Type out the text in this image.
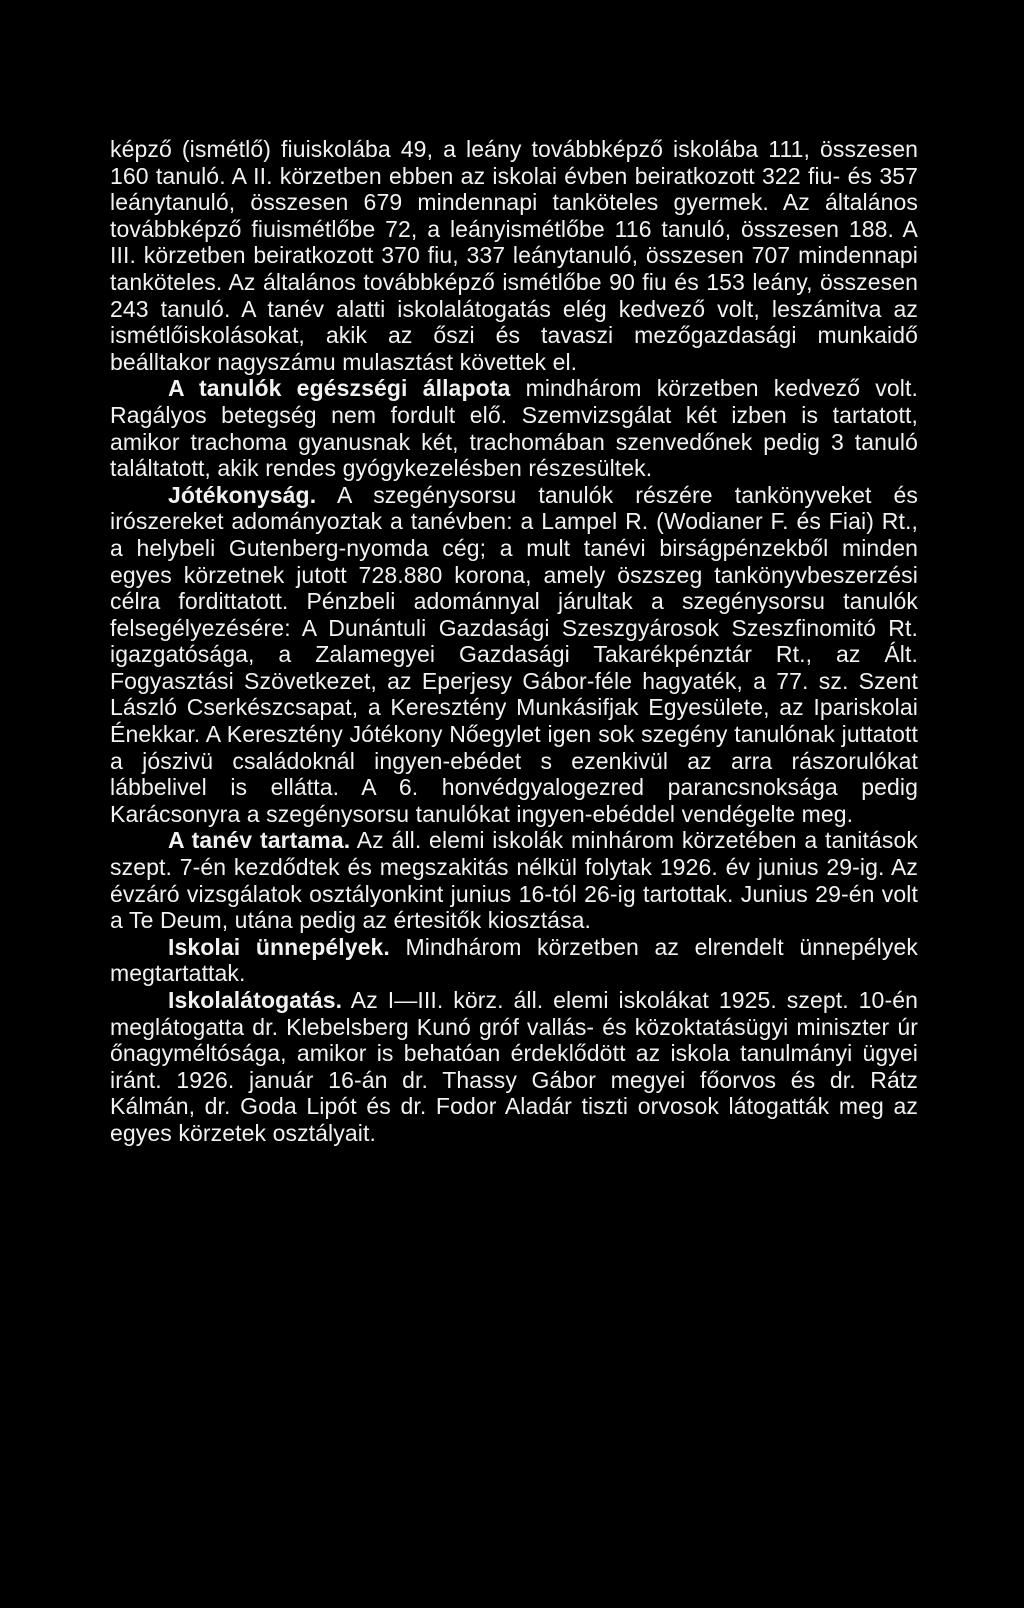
képző (ismétlő) fiuiskolába 49, a leány továbbképző iskolába 111, összesen 160 tanuló. A II. körzetben ebben az iskolai évben beiratkozott 322 fiu- és 357 leánytanuló, összesen 679 mindennapi tanköteles gyermek. Az általános továbbképző fiuismétlőbe 72, a leányismétlőbe 116 tanuló, összesen 188. A III. körzetben beiratkozott 370 fiu, 337 leánytanuló, összesen 707 mindennapi tanköteles. Az általános továbbképző ismétlőbe 90 fiu és 153 leány, összesen 243 tanuló. A tanév alatti iskolalátogatás elég kedvező volt, leszámitva az ismétlőiskolásokat, akik az őszi és tavaszi mezőgazdasági munkaidő beálltakor nagyszámu mulasztást követtek el.

A tanulók egészségi állapota mindhárom körzetben kedvező volt. Ragályos betegség nem fordult elő. Szemvizsgálat két izben is tartatott, amikor trachoma gyanusnak két, trachomában szenvedőnek pedig 3 tanuló találtatott, akik rendes gyógykezelésben részesültek.

Jótékonyság. A szegénysorsu tanulók részére tankönyveket és irószereket adományoztak a tanévben: a Lampel R. (Wodianer F. és Fiai) Rt., a helybeli Gutenberg-nyomda cég; a mult tanévi birságpénzekből minden egyes körzetnek jutott 728.880 korona, amely öszszeg tankönyvbeszerzési célra fordittatott. Pénzbeli adománnyal járultak a szegénysorsu tanulók felsegélyezésére: A Dunántuli Gazdasági Szeszgyárosok Szeszfinomitó Rt. igazgatósága, a Zalamegyei Gazdasági Takarékpénztár Rt., az Ált. Fogyasztási Szövetkezet, az Eperjesy Gábor-féle hagyaték, a 77. sz. Szent László Cserkészcsapat, a Keresztény Munkásifjak Egyesülete, az Ipariskolai Énekkar. A Keresztény Jótékony Nőegylet igen sok szegény tanulónak juttatott a jószivü családoknál ingyen-ebédet s ezenkivül az arra rászorulókat lábbelivel is ellátta. A 6. honvédgyalogezred parancsnoksága pedig Karácsonyra a szegénysorsu tanulókat ingyen-ebéddel vendégelte meg.

A tanév tartama. Az áll. elemi iskolák minhárom körzetében a tanitások szept. 7-én kezdődtek és megszakitás nélkül folytak 1926. év junius 29-ig. Az évzáró vizsgálatok osztályonkint junius 16-tól 26-ig tartottak. Junius 29-én volt a Te Deum, utána pedig az értesitők kiosztása.

Iskolai ünnepélyek. Mindhárom körzetben az elrendelt ünnepélyek megtartattak.

Iskolalátogatás. Az I—III. körz. áll. elemi iskolákat 1925. szept. 10-én meglátogatta dr. Klebelsberg Kunó gróf vallás- és közoktatásügyi miniszter úr őnagyméltósága, amikor is behatóan érdeklődött az iskola tanulmányi ügyei iránt. 1926. január 16-án dr. Thassy Gábor megyei főorvos és dr. Rátz Kálmán, dr. Goda Lipót és dr. Fodor Aladár tiszti orvosok látogatták meg az egyes körzetek osztályait.
